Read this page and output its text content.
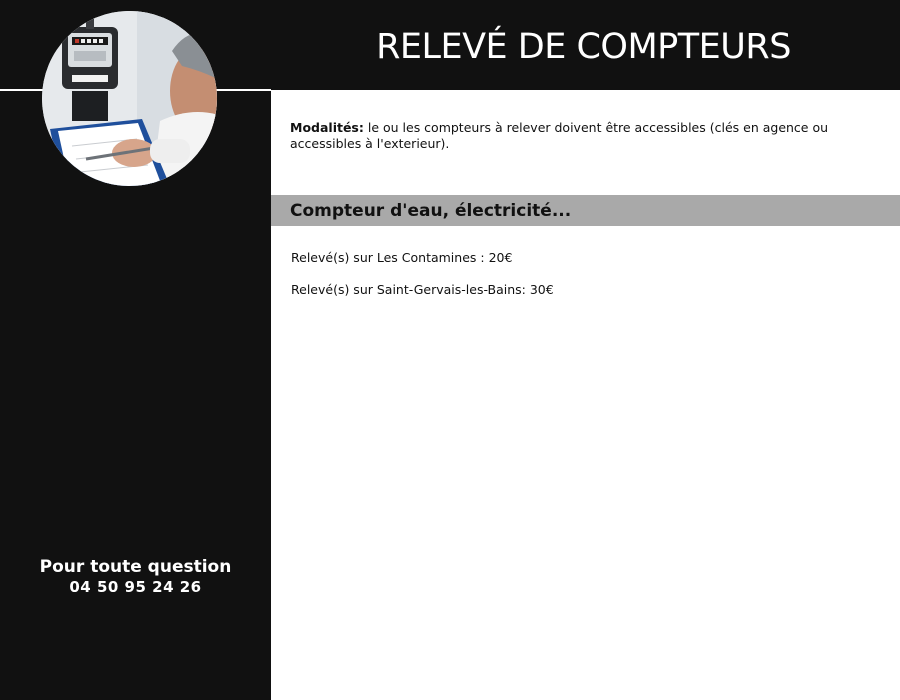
RELEVÉ DE COMPTEURS

Modalités: le ou les compteurs à relever doivent être accessibles (clés en agence ou accessibles à l'exterieur).

Compteur d'eau, électricité...

Relevé(s) sur Les Contamines : 20€

Relevé(s) sur Saint-Gervais-les-Bains: 30€

Pour toute question
04 50 95 24 26
